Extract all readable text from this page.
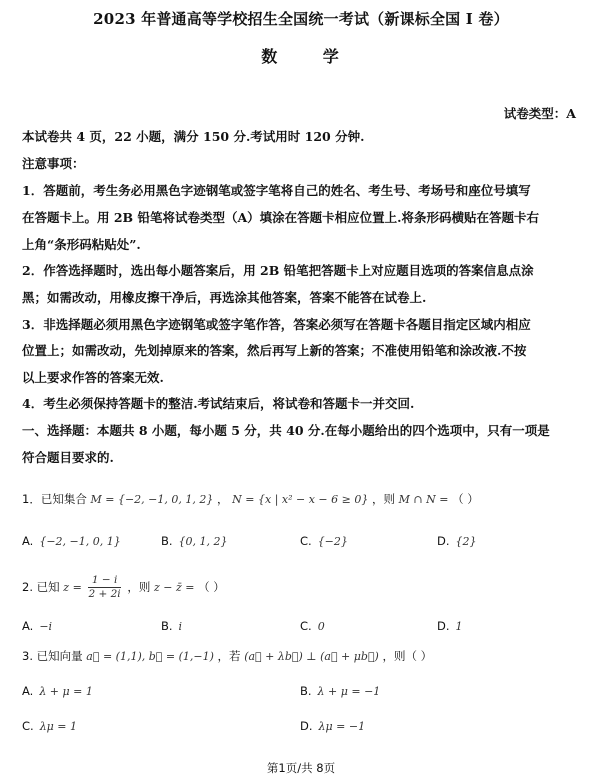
2023 年普通高等学校招生全国统一考试（新课标全国 I 卷）
数 学
试卷类型：A
本试卷共 4 页，22 小题，满分 150 分.考试用时 120 分钟.
注意事项：
1．答题前，考生务必用黑色字迹钢笔或签字笔将自己的姓名、考生号、考场号和座位号填写
在答题卡上。用 2B 铅笔将试卷类型（A）填涂在答题卡相应位置上.将条形码横贴在答题卡右
上角“条形码粘贴处”.
2．作答选择题时，选出每小题答案后，用 2B 铅笔把答题卡上对应题目选项的答案信息点涂
黑；如需改动，用橡皮擦干净后，再选涂其他答案，答案不能答在试卷上.
3．非选择题必须用黑色字迹钢笔或签字笔作答，答案必须写在答题卡各题目指定区域内相应
位置上；如需改动，先划掉原来的答案，然后再写上新的答案；不准使用铅笔和涂改液.不按
以上要求作答的答案无效.
4．考生必须保持答题卡的整洁.考试结束后，将试卷和答题卡一并交回.
一、选择题：本题共 8 小题，每小题 5 分，共 40 分.在每小题给出的四个选项中，只有一项是
符合题目要求的.
1．已知集合 M = {−2, −1, 0, 1, 2} ， N = {x | x² − x − 6 ≥ 0} ，则 M ∩ N = （ ）
A. {−2, −1, 0, 1}	B. {0, 1, 2}	C. {−2}	D. {2}
2. 已知 $z = \frac{1 - i}{2 + 2i}$ ，则 z − z̄ = （ ）
A. −i	B. i	C. 0	D. 1
3. 已知向量 a⃗ = (1,1), b⃗ = (1,−1) ，若 (a⃗ + λb⃗) ⊥ (a⃗ + μb⃗) ，则（ ）
A. λ + μ = 1	B. λ + μ = −1
C. λμ = 1	D. λμ = −1
第1页/共 8页
